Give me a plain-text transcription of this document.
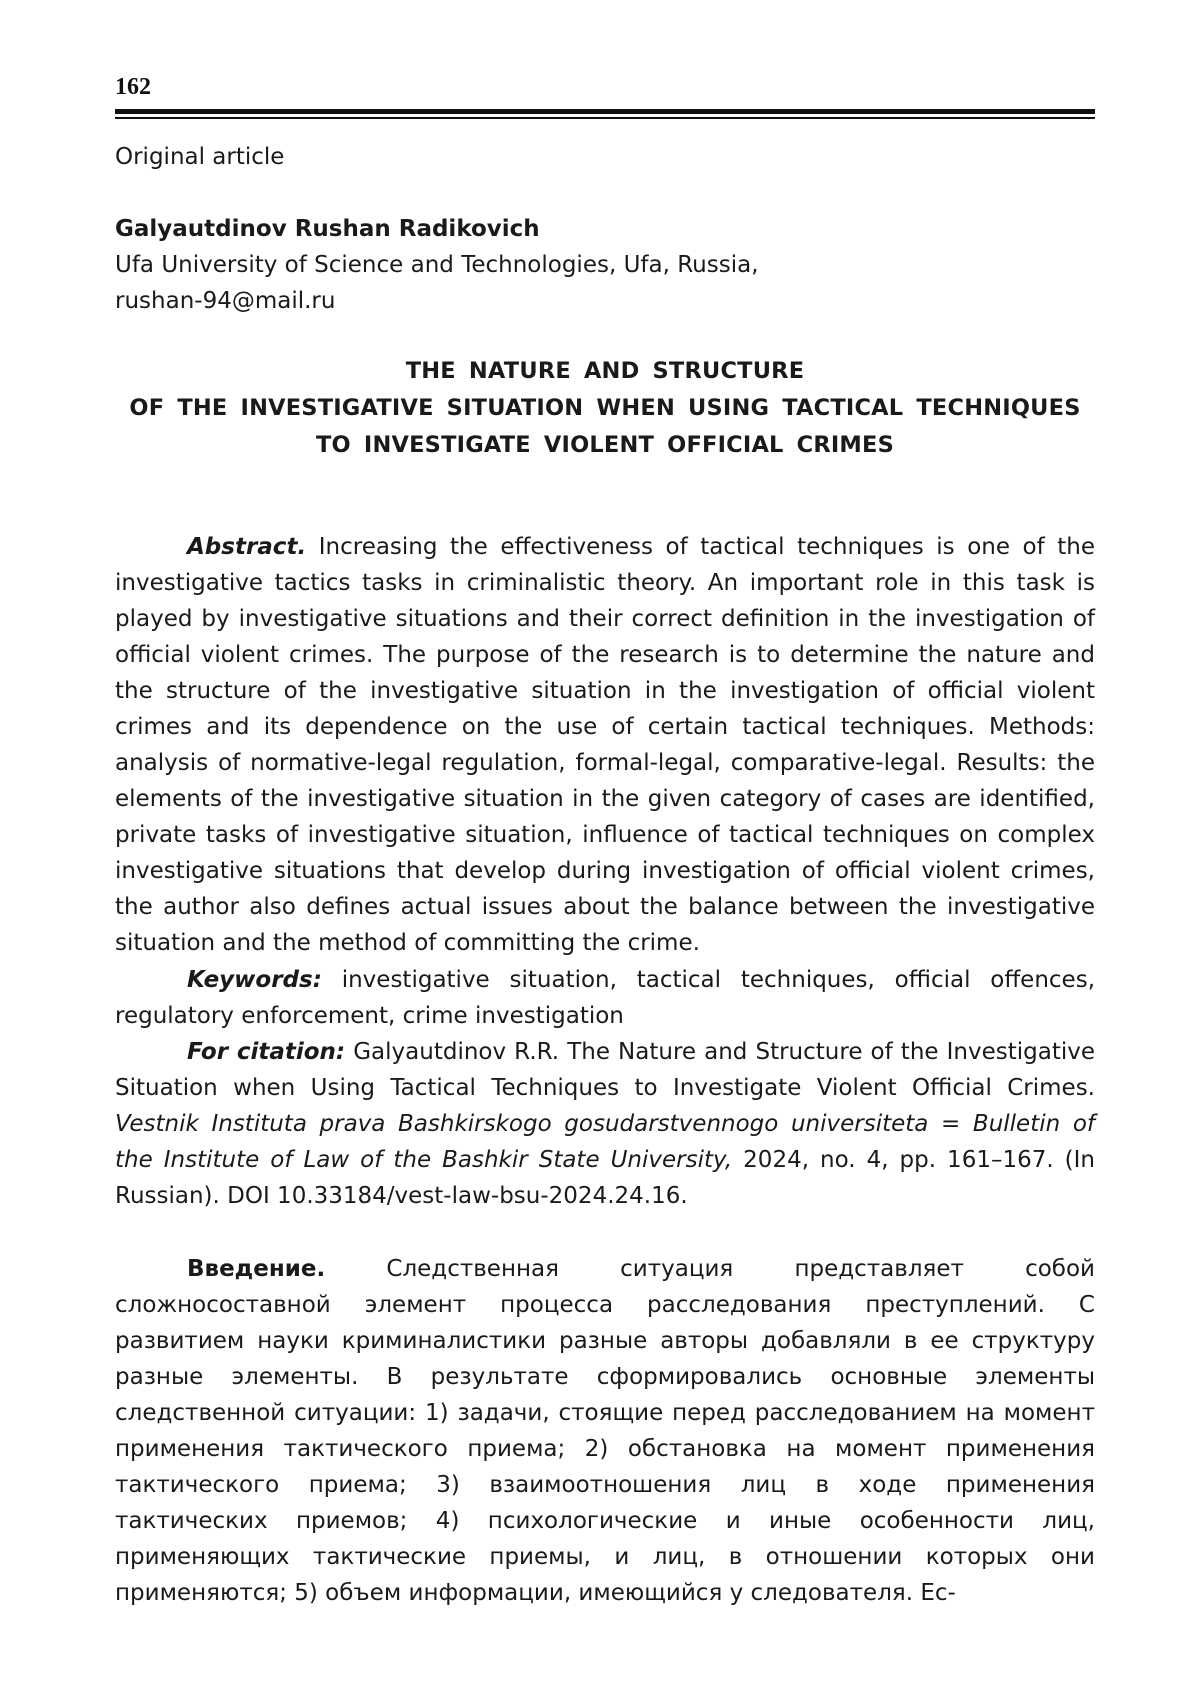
162
Original article
Galyautdinov Rushan Radikovich
Ufa University of Science and Technologies, Ufa, Russia,
rushan-94@mail.ru
THE NATURE AND STRUCTURE
OF THE INVESTIGATIVE SITUATION WHEN USING TACTICAL TECHNIQUES
TO INVESTIGATE VIOLENT OFFICIAL CRIMES

Abstract. Increasing the effectiveness of tactical techniques is one of the investigative tactics tasks in criminalistic theory. An important role in this task is played by investigative situations and their correct definition in the investigation of official violent crimes. The purpose of the research is to determine the nature and the structure of the investigative situation in the investigation of official violent crimes and its dependence on the use of certain tactical techniques. Methods: analysis of normative-legal regulation, formal-legal, comparative-legal. Results: the elements of the investigative situation in the given category of cases are identified, private tasks of investigative situation, influence of tactical techniques on complex investigative situations that develop during investigation of official violent crimes, the author also defines actual issues about the balance between the investigative situation and the method of committing the crime.

Keywords: investigative situation, tactical techniques, official offences, regulatory enforcement, crime investigation

For citation: Galyautdinov R.R. The Nature and Structure of the Investigative Situation when Using Tactical Techniques to Investigate Violent Official Crimes. Vestnik Instituta prava Bashkirskogo gosudarstvennogo universiteta = Bulletin of the Institute of Law of the Bashkir State University, 2024, no. 4, pp. 161–167. (In Russian). DOI 10.33184/vest-law-bsu-2024.24.16.

Введение.	Следственная ситуация представляет собой сложносоставной элемент процесса расследования преступлений. С развитием науки криминалистики разные авторы добавляли в ее структуру разные элементы. В результате сформировались основные элементы следственной ситуации: 1) задачи, стоящие перед расследованием на момент применения тактического приема; 2) обстановка на момент применения тактического приема; 3) взаимоотношения лиц в ходе применения тактических приемов; 4) психологические и иные особенности лиц, применяющих тактические приемы, и лиц, в отношении которых они применяются; 5) объем информации, имеющийся у следователя. Ес-
